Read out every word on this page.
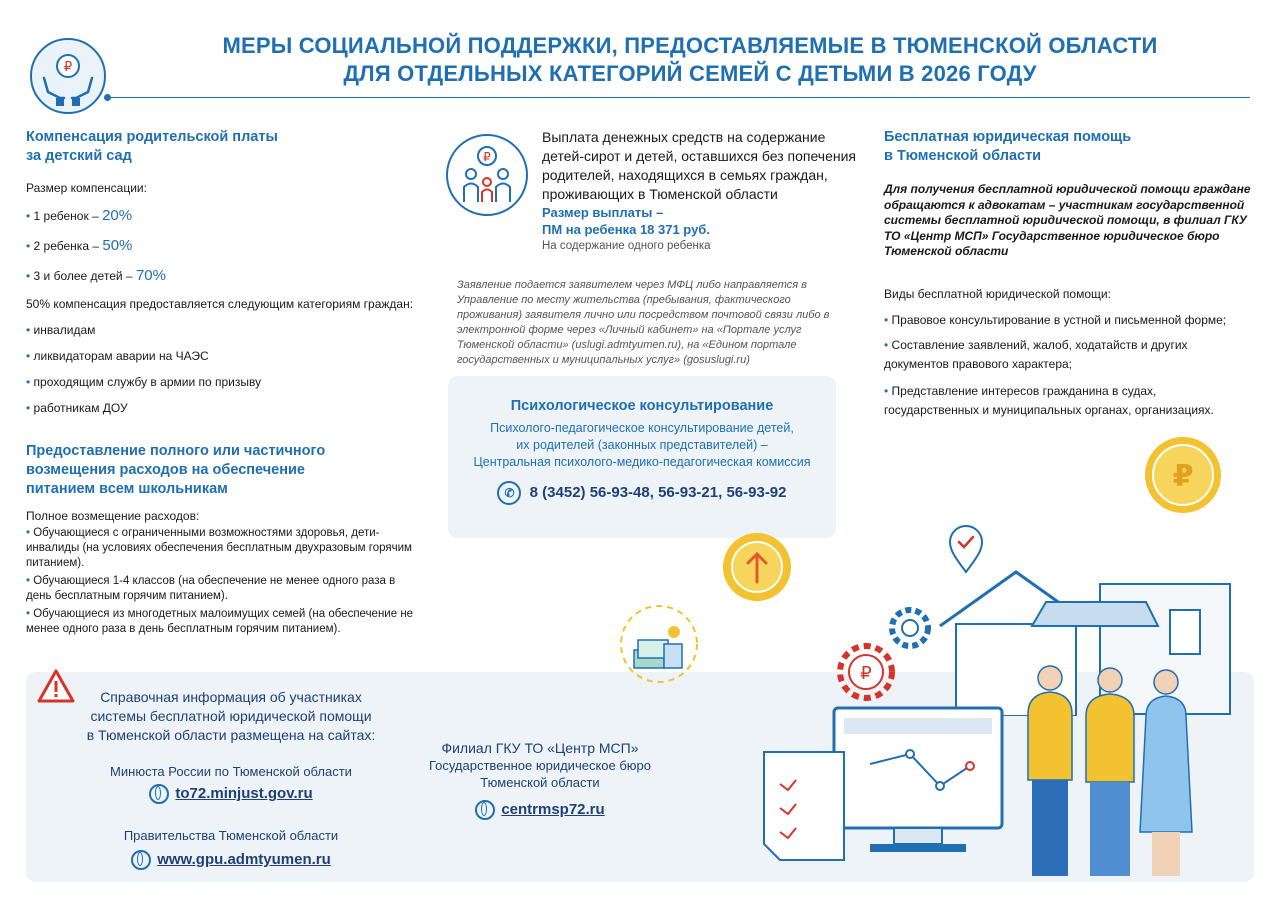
₽
МЕРЫ СОЦИАЛЬНОЙ ПОДДЕРЖКИ, ПРЕДОСТАВЛЯЕМЫЕ В ТЮМЕНСКОЙ ОБЛАСТИ
ДЛЯ ОТДЕЛЬНЫХ КАТЕГОРИЙ СЕМЕЙ С ДЕТЬМИ В 2026 ГОДУ
Компенсация родительской платы
за детский сад
Размер компенсации:
• 1 ребенок – 20%
• 2 ребенка – 50%
• 3 и более детей – 70%
50% компенсация предоставляется следующим категориям граждан:
• инвалидам
• ликвидаторам аварии на ЧАЭС
• проходящим службу в армии по призыву
• работникам ДОУ
Предоставление полного или частичного
возмещения расходов на обеспечение
питанием всем школьникам
Полное возмещение расходов:
• Обучающиеся с ограниченными возможностями здоровья, дети-инвалиды (на условиях обеспечения бесплатным двухразовым горячим питанием).
• Обучающиеся 1-4 классов (на обеспечение не менее одного раза в день бесплатным горячим питанием).
• Обучающиеся из многодетных малоимущих семей (на обеспечение не менее одного раза в день бесплатным горячим питанием).
₽
Выплата денежных средств на содержание
детей-сирот и детей, оставшихся без попечения
родителей, находящихся в семьях граждан,
проживающих в Тюменской области
Размер выплаты –
ПМ на ребенка 18 371 руб.
На содержание одного ребенка
Заявление подается заявителем через МФЦ либо направляется в Управление по месту жительства (пребывания, фактического проживания) заявителя лично или посредством почтовой связи либо в электронной форме через «Личный кабинет» на «Портале услуг Тюменской области» (uslugi.admtyumen.ru), на «Едином портале государственных и муниципальных услуг» (gosuslugi.ru)
Психологическое консультирование
Психолого-педагогическое консультирование детей,
их родителей (законных представителей) –
Центральная психолого-медико-педагогическая комиссия
✆ 8 (3452) 56-93-48, 56-93-21, 56-93-92
Бесплатная юридическая помощь
в Тюменской области
Для получения бесплатной юридической помощи граждане обращаются к адвокатам – участникам государственной системы бесплатной юридической помощи, в филиал ГКУ ТО «Центр МСП» Государственное юридическое бюро Тюменской области
Виды бесплатной юридической помощи:
• Правовое консультирование в устной и письменной форме;
• Составление заявлений, жалоб, ходатайств и других документов правового характера;
• Представление интересов гражданина в судах, государственных и муниципальных органах, организациях.
₽
₽
Справочная информация об участниках
системы бесплатной юридической помощи
в Тюменской области размещена на сайтах:
Минюста России по Тюменской области
to72.minjust.gov.ru
Правительства Тюменской области
www.gpu.admtyumen.ru
Филиал ГКУ ТО «Центр МСП»
Государственное юридическое бюро
Тюменской области
centrmsp72.ru
